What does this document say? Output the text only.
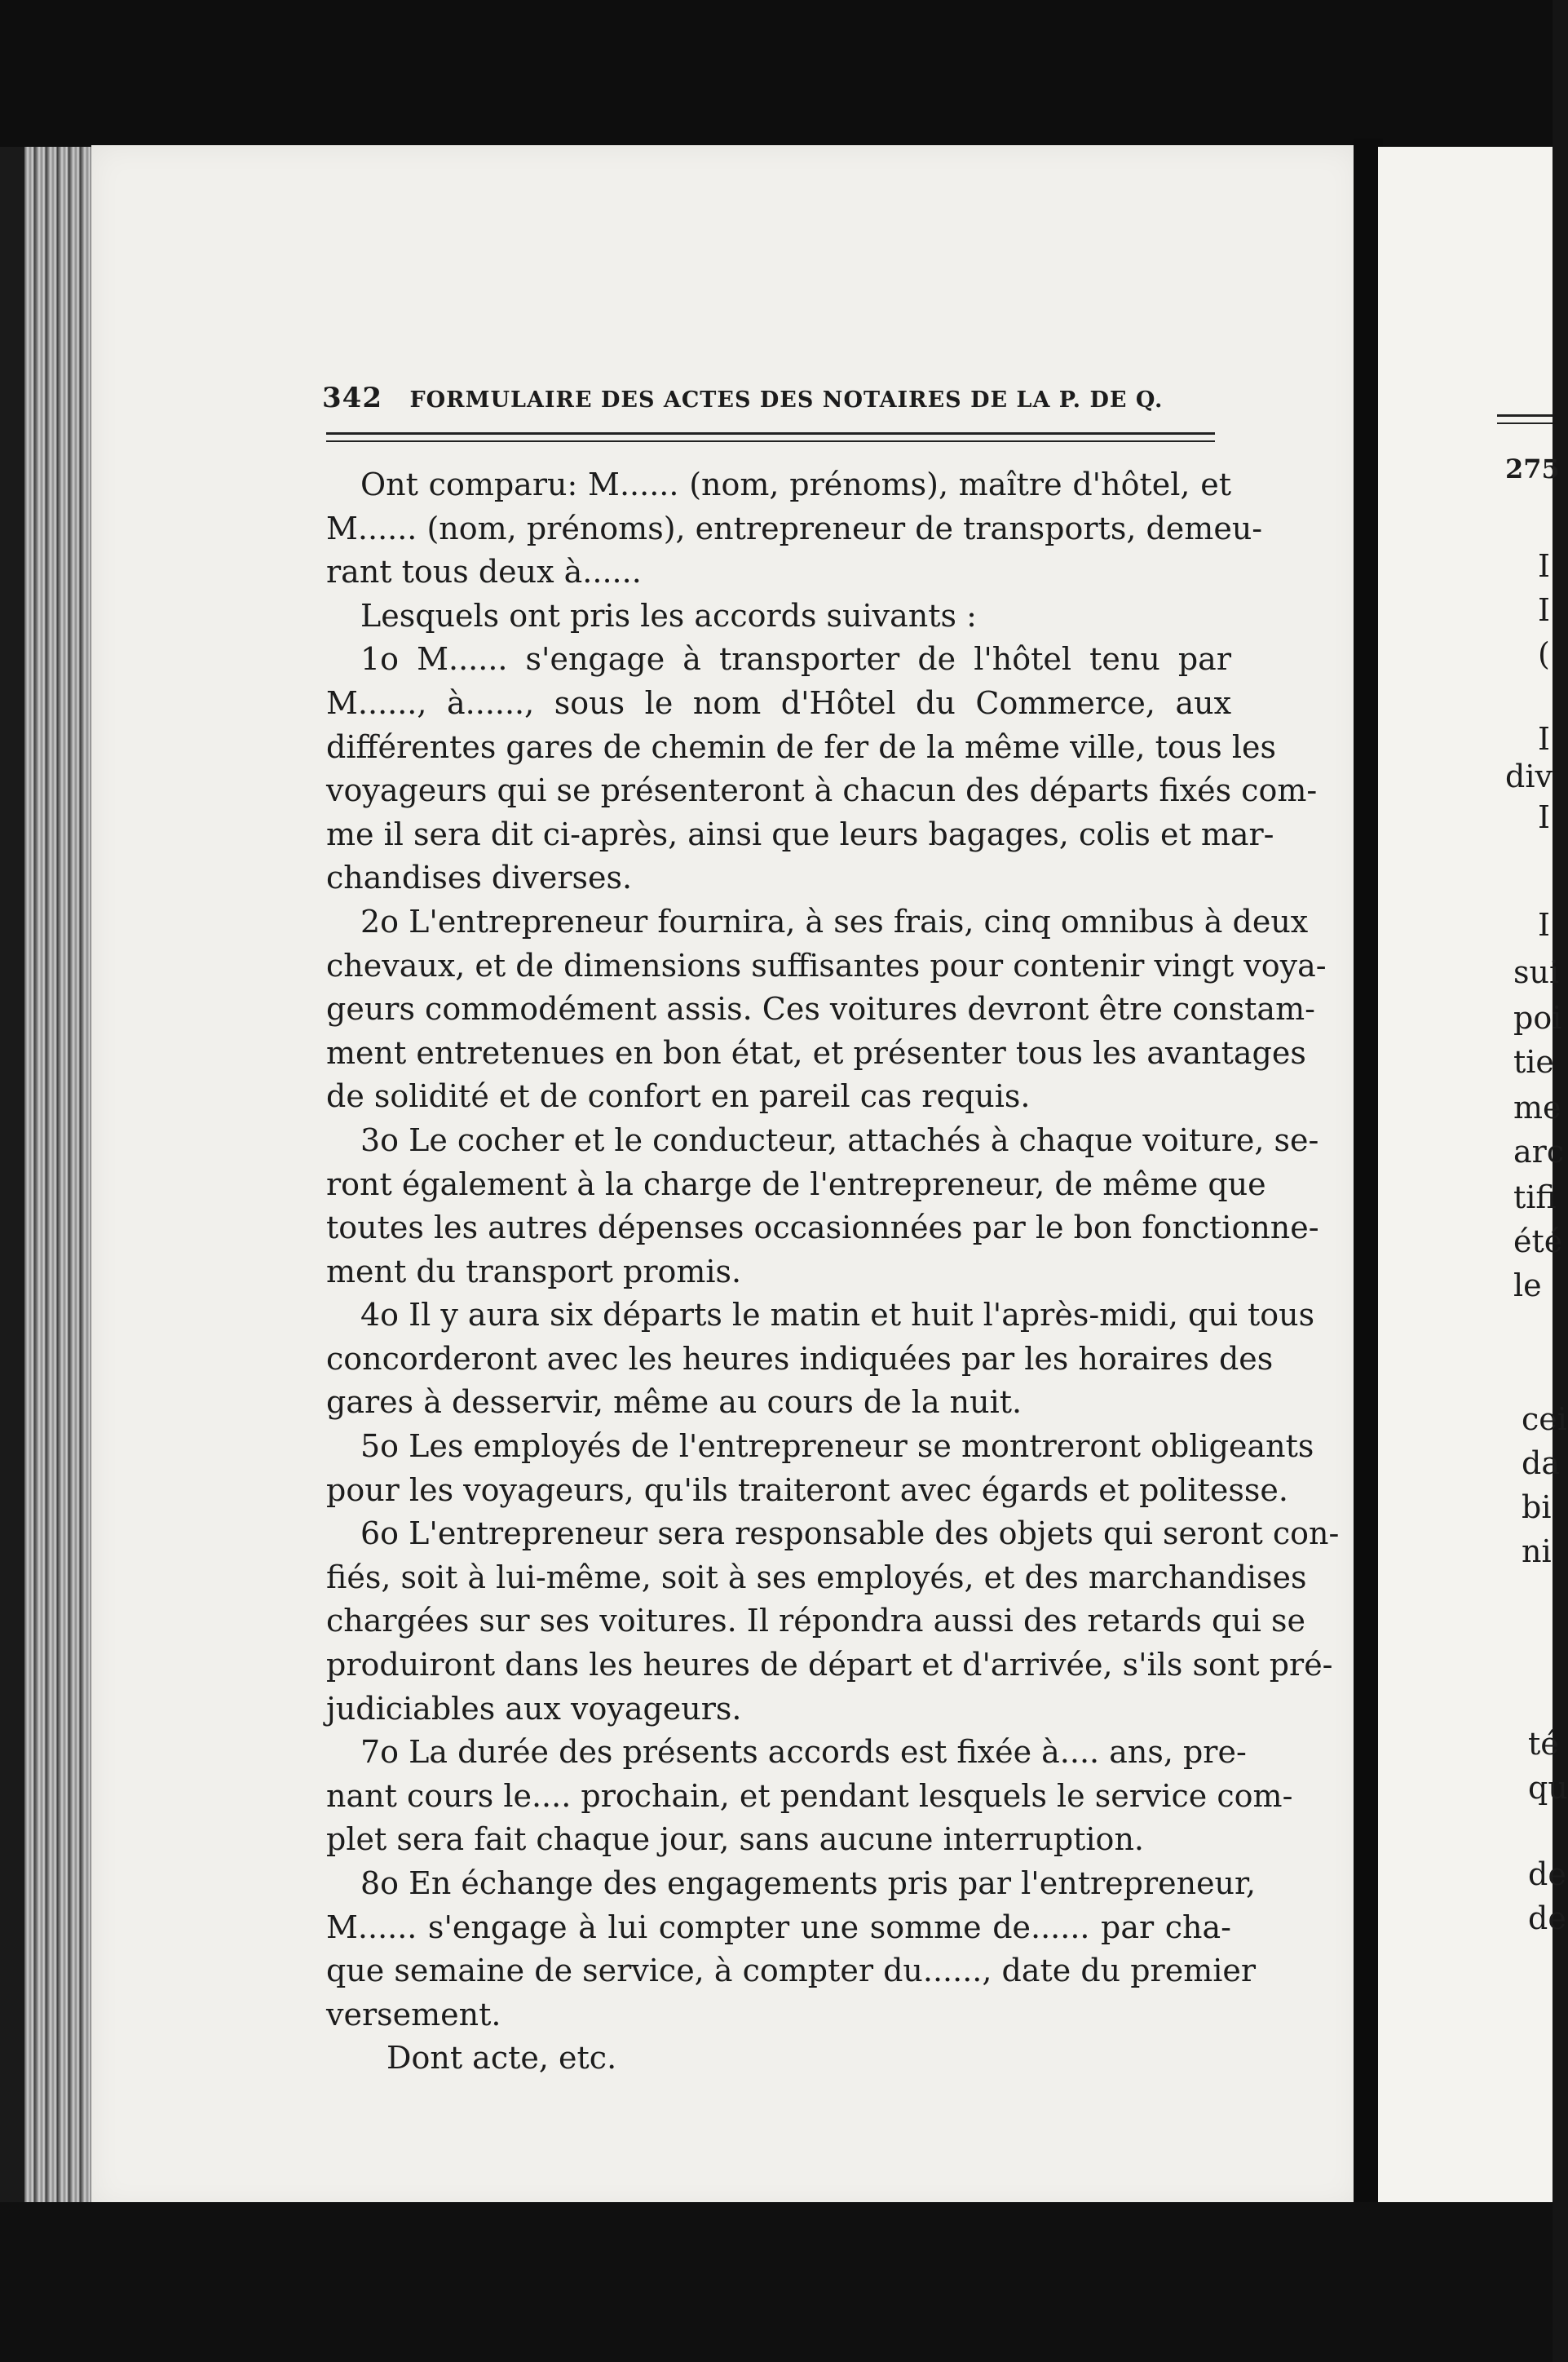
342 FORMULAIRE DES ACTES DES NOTAIRES DE LA P. DE Q.
Ont comparu: M...... (nom, prénoms), maître d'hôtel, et
M...... (nom, prénoms), entrepreneur de transports, demeu-
rant tous deux à......
Lesquels ont pris les accords suivants :
1o M...... s'engage à transporter de l'hôtel tenu par
M......, à......, sous le nom d'Hôtel du Commerce, aux
différentes gares de chemin de fer de la même ville, tous les
voyageurs qui se présenteront à chacun des départs fixés com-
me il sera dit ci-après, ainsi que leurs bagages, colis et mar-
chandises diverses.
2o L'entrepreneur fournira, à ses frais, cinq omnibus à deux
chevaux, et de dimensions suffisantes pour contenir vingt voya-
geurs commodément assis. Ces voitures devront être constam-
ment entretenues en bon état, et présenter tous les avantages
de solidité et de confort en pareil cas requis.
3o Le cocher et le conducteur, attachés à chaque voiture, se-
ront également à la charge de l'entrepreneur, de même que
toutes les autres dépenses occasionnées par le bon fonctionne-
ment du transport promis.
4o Il y aura six départs le matin et huit l'après-midi, qui tous
concorderont avec les heures indiquées par les horaires des
gares à desservir, même au cours de la nuit.
5o Les employés de l'entrepreneur se montreront obligeants
pour les voyageurs, qu'ils traiteront avec égards et politesse.
6o L'entrepreneur sera responsable des objets qui seront con-
fiés, soit à lui-même, soit à ses employés, et des marchandises
chargées sur ses voitures. Il répondra aussi des retards qui se
produiront dans les heures de départ et d'arrivée, s'ils sont pré-
judiciables aux voyageurs.
7o La durée des présents accords est fixée à.... ans, pre-
nant cours le.... prochain, et pendant lesquels le service com-
plet sera fait chaque jour, sans aucune interruption.
8o En échange des engagements pris par l'entrepreneur,
M...... s'engage à lui compter une somme de...... par cha-
que semaine de service, à compter du......, date du premier
versement.
Dont acte, etc.
275
I
I
(
I
div
I
I
sui
poi
tie
me
arc
tifi
été
le
cei
da
bi
ni
té
qu
de
de
